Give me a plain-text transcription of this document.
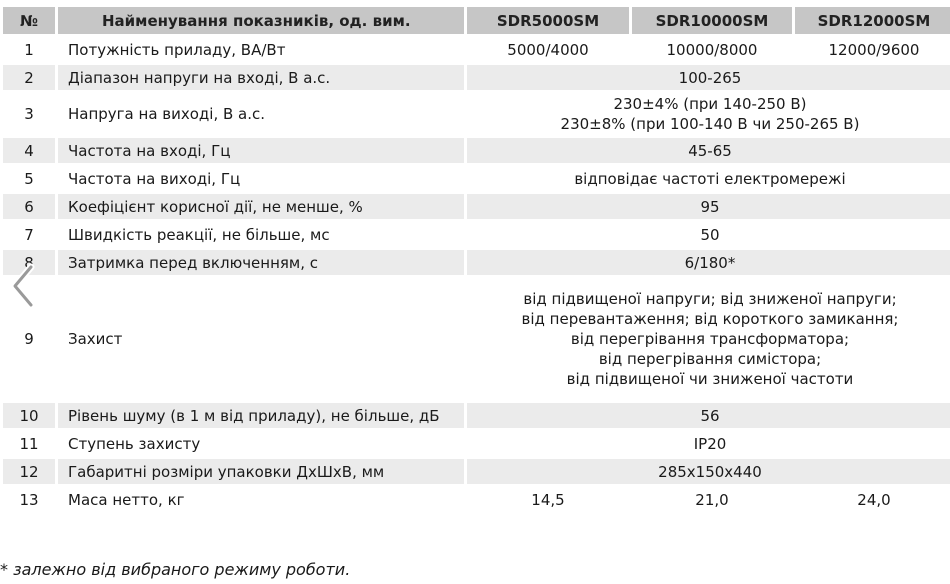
№	Найменування показників, од. вим.	SDR5000SM	SDR10000SM	SDR12000SM
1	Потужність приладу, ВА/Вт	5000/4000	10000/8000	12000/9600
2	Діапазон напруги на вході, В а.с.	100-265		
3	Напруга на виході, В а.с.	230±4% (при 140-250 В)
230±8% (при 100-140 В чи 250-265 В)		

4	Частота на вході, Гц	45-65		
5	Частота на виході, Гц	відповідає частоті електромережі		
6	Коефіцієнт корисної дії, не менше, %	95		
7	Швидкість реакції, не більше, мс	50		
8	Затримка перед включенням, с	6/180*		
9	Захист	від підвищеної напруги; від зниженої напруги;
від перевантаження; від короткого замикання;
від перегрівання трансформатора;
від перегрівання симістора;
від підвищеної чи зниженої частоти		

10	Рівень шуму (в 1 м від приладу), не більше, дБ	56		
11	Ступень захисту	IP20		
12	Габаритні розміри упаковки ДхШхВ, мм	285x150x440		
13	Маса нетто, кг	14,5	21,0	24,0
* залежно від вибраного режиму роботи.
